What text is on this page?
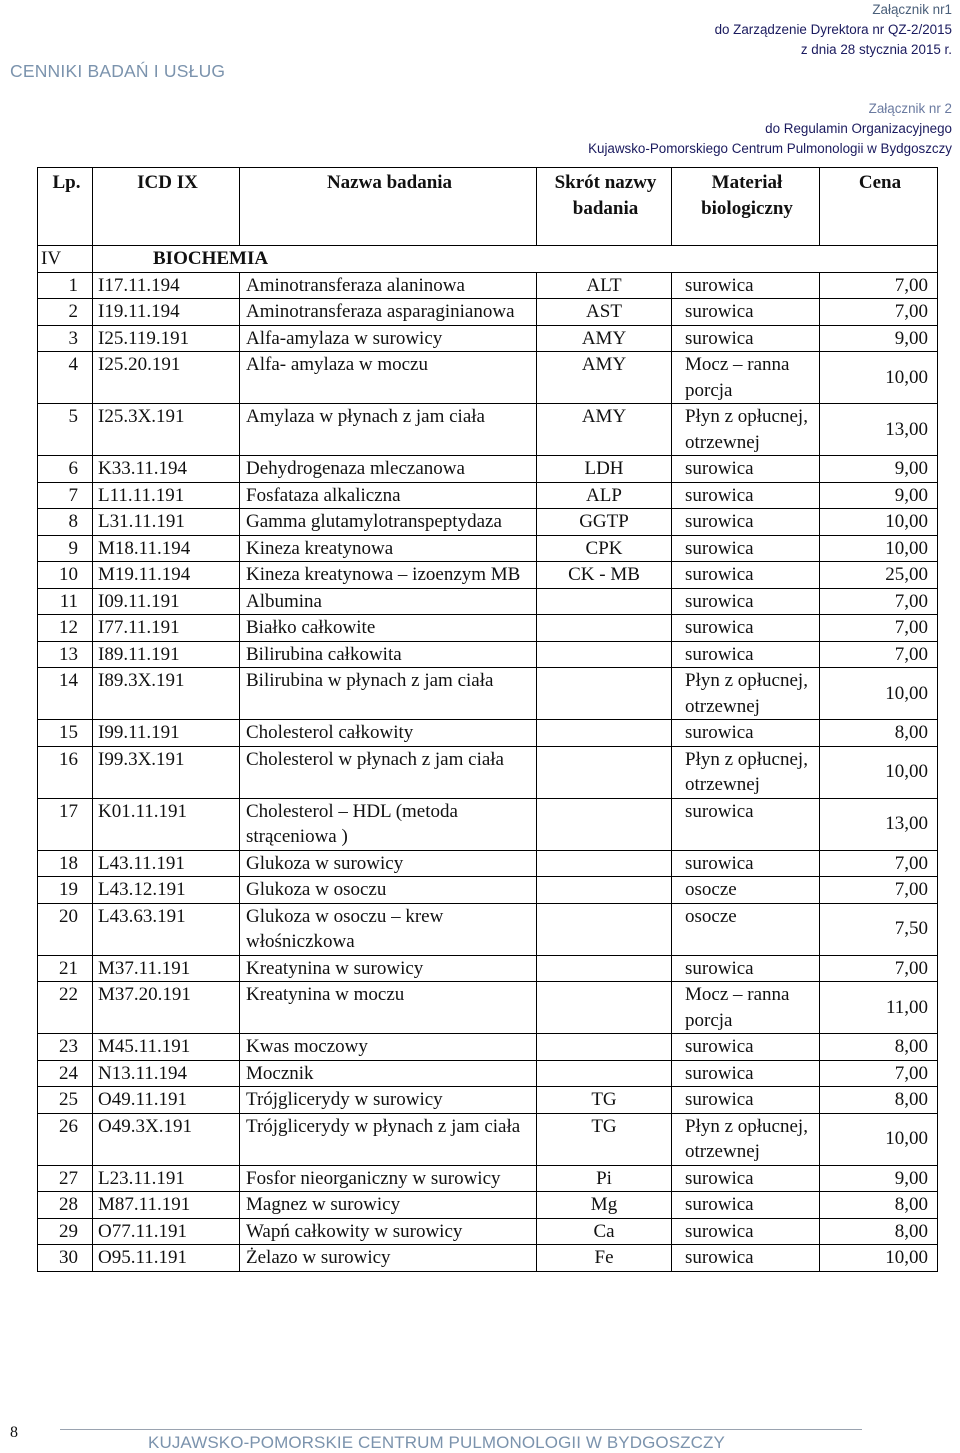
CENNIKI BADAŃ I USŁUG
Załącznik nr1
do Zarządzenie Dyrektora nr QZ-2/2015
z dnia 28 stycznia 2015 r.
Załącznik nr 2
do Regulamin Organizacyjnego
Kujawsko-Pomorskiego Centrum Pulmonologii w Bydgoszczy
Lp.	ICD IX	Nazwa badania	Skrót nazwy badania	Materiał biologiczny	Cena
IV	BIOCHEMIA				
1	I17.11.194	Aminotransferaza alaninowa	ALT	surowica	7,00
2	I19.11.194	Aminotransferaza asparaginianowa	AST	surowica	7,00
3	I25.119.191	Alfa-amylaza w surowicy	AMY	surowica	9,00
4	I25.20.191	Alfa- amylaza w moczu	AMY	Mocz – ranna porcja	10,00
5	I25.3X.191	Amylaza w płynach z jam ciała	AMY	Płyn z opłucnej, otrzewnej	13,00
6	K33.11.194	Dehydrogenaza mleczanowa	LDH	surowica	9,00
7	L11.11.191	Fosfataza alkaliczna	ALP	surowica	9,00
8	L31.11.191	Gamma glutamylotranspeptydaza	GGTP	surowica	10,00
9	M18.11.194	Kineza kreatynowa	CPK	surowica	10,00
10	M19.11.194	Kineza kreatynowa – izoenzym MB	CK - MB	surowica	25,00
11	I09.11.191	Albumina		surowica	7,00
12	I77.11.191	Białko całkowite		surowica	7,00
13	I89.11.191	Bilirubina całkowita		surowica	7,00
14	I89.3X.191	Bilirubina w płynach z jam ciała		Płyn z opłucnej, otrzewnej	10,00
15	I99.11.191	Cholesterol całkowity		surowica	8,00
16	I99.3X.191	Cholesterol w płynach z jam ciała		Płyn z opłucnej, otrzewnej	10,00
17	K01.11.191	Cholesterol – HDL (metoda strąceniowa )		surowica	13,00
18	L43.11.191	Glukoza w surowicy		surowica	7,00
19	L43.12.191	Glukoza w osoczu		osocze	7,00
20	L43.63.191	Glukoza w osoczu – krew włośniczkowa		osocze	7,50
21	M37.11.191	Kreatynina w surowicy		surowica	7,00
22	M37.20.191	Kreatynina w moczu		Mocz – ranna porcja	11,00
23	M45.11.191	Kwas moczowy		surowica	8,00
24	N13.11.194	Mocznik		surowica	7,00
25	O49.11.191	Trójglicerydy w surowicy	TG	surowica	8,00
26	O49.3X.191	Trójglicerydy w płynach z jam ciała	TG	Płyn z opłucnej, otrzewnej	10,00
27	L23.11.191	Fosfor nieorganiczny w surowicy	Pi	surowica	9,00
28	M87.11.191	Magnez w surowicy	Mg	surowica	8,00
29	O77.11.191	Wapń całkowity w surowicy	Ca	surowica	8,00
30	O95.11.191	Żelazo w surowicy	Fe	surowica	10,00
8
KUJAWSKO-POMORSKIE CENTRUM PULMONOLOGII W BYDGOSZCZY
